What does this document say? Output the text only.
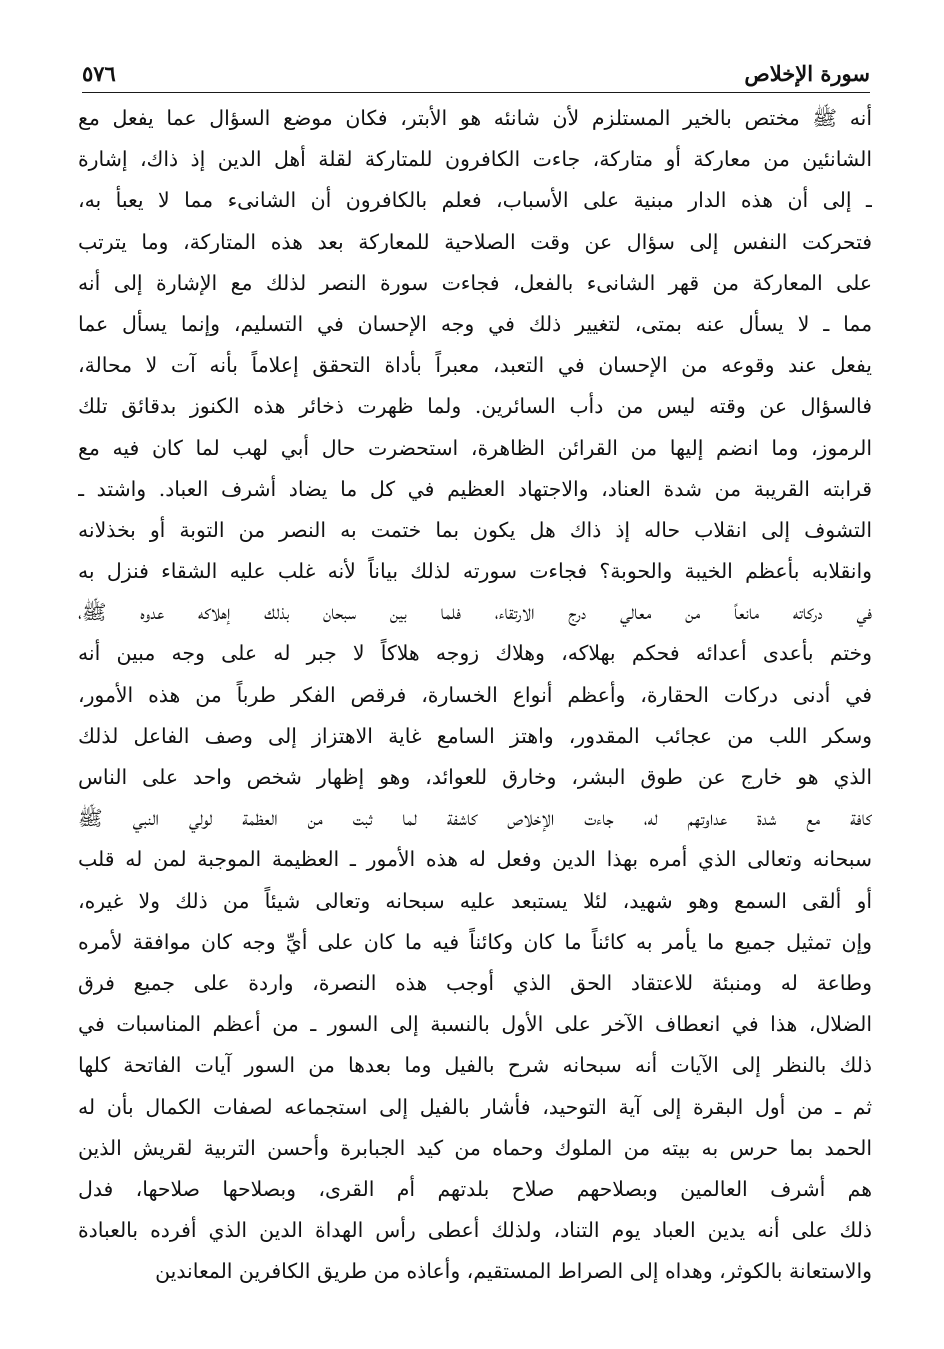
سورة الإخلاص
٥٧٦
أنه ﷺ مختص بالخير المستلزم لأن شانئه هو الأبتر، فكان موضع السؤال عما يفعل مع
الشانئين من معاركة أو متاركة، جاءت الكافرون للمتاركة لقلة أهل الدين إذ ذاك، إشارة
ـ إلى أن هذه الدار مبنية على الأسباب، فعلم بالكافرون أن الشانىء مما لا يعبأ به،
فتحركت النفس إلى سؤال عن وقت الصلاحية للمعاركة بعد هذه المتاركة، وما يترتب
على المعاركة من قهر الشانىء بالفعل، فجاءت سورة النصر لذلك مع الإشارة إلى أنه
مما ـ لا يسأل عنه بمتى، لتغيير ذلك في وجه الإحسان في التسليم، وإنما يسأل عما
يفعل عند وقوعه من الإحسان في التعبد، معبراً بأداة التحقق إعلاماً بأنه آت لا محالة،
فالسؤال عن وقته ليس من دأب السائرين. ولما ظهرت ذخائر هذه الكنوز بدقائق تلك
الرموز، وما انضم إليها من القرائن الظاهرة، استحضرت حال أبي لهب لما كان فيه مع
قرابته القريبة من شدة العناد، والاجتهاد العظيم في كل ما يضاد أشرف العباد. واشتد ـ
التشوف إلى انقلاب حاله إذ ذاك هل يكون بما ختمت به النصر من التوبة أو بخذلانه
وانقلابه بأعظم الخيبة والحوبة؟ فجاءت سورته لذلك بياناً لأنه غلب عليه الشقاء فنزل به
في دركاته مانعاً من معالي درج الارتقاء، فلما بين سبحان بذلك إهلاكه عدوه ﷺ،
وختم بأعدى أعدائه فحكم بهلاكه، وهلاك زوجه هلاكاً لا جبر له على وجه مبين أنه
في أدنى دركات الحقارة، وأعظم أنواع الخسارة، فرقص الفكر طرباً من هذه الأمور،
وسكر اللب من عجائب المقدور، واهتز السامع غاية الاهتزاز إلى وصف الفاعل لذلك
الذي هو خارج عن طوق البشر، وخارق للعوائد، وهو إظهار شخص واحد على الناس
كافة مع شدة عداوتهم له، جاءت الإخلاص كاشفة لما ثبت من العظمة لولي النبي ﷺ
سبحانه وتعالى الذي أمره بهذا الدين وفعل له هذه الأمور ـ العظيمة الموجبة لمن له قلب
أو ألقى السمع وهو شهيد، لئلا يستبعد عليه سبحانه وتعالى شيئاً من ذلك ولا غيره،
وإن تمثيل جميع ما يأمر به كائناً ما كان وكائناً فيه ما كان على أيِّ وجه كان موافقة لأمره
وطاعة له ومنبئة للاعتقاد الحق الذي أوجب هذه النصرة، واردة على جميع فرق
الضلال، هذا في انعطاف الآخر على الأول بالنسبة إلى السور ـ من أعظم المناسبات في
ذلك بالنظر إلى الآيات أنه سبحانه شرح بالفيل وما بعدها من السور آيات الفاتحة كلها
ثم ـ من أول البقرة إلى آية التوحيد، فأشار بالفيل إلى استجماعه لصفات الكمال بأن له
الحمد بما حرس به بيته من الملوك وحماه من كيد الجبابرة وأحسن التربية لقريش الذين
هم أشرف العالمين وبصلاحهم صلاح بلدتهم أم القرى، وبصلاحها صلاحها، فدل
ذلك على أنه يدين العباد يوم التناد، ولذلك أعطى رأس الهداة الدين الذي أفرده بالعبادة
والاستعانة بالكوثر، وهداه إلى الصراط المستقيم، وأعاذه من طريق الكافرين المعاندين
